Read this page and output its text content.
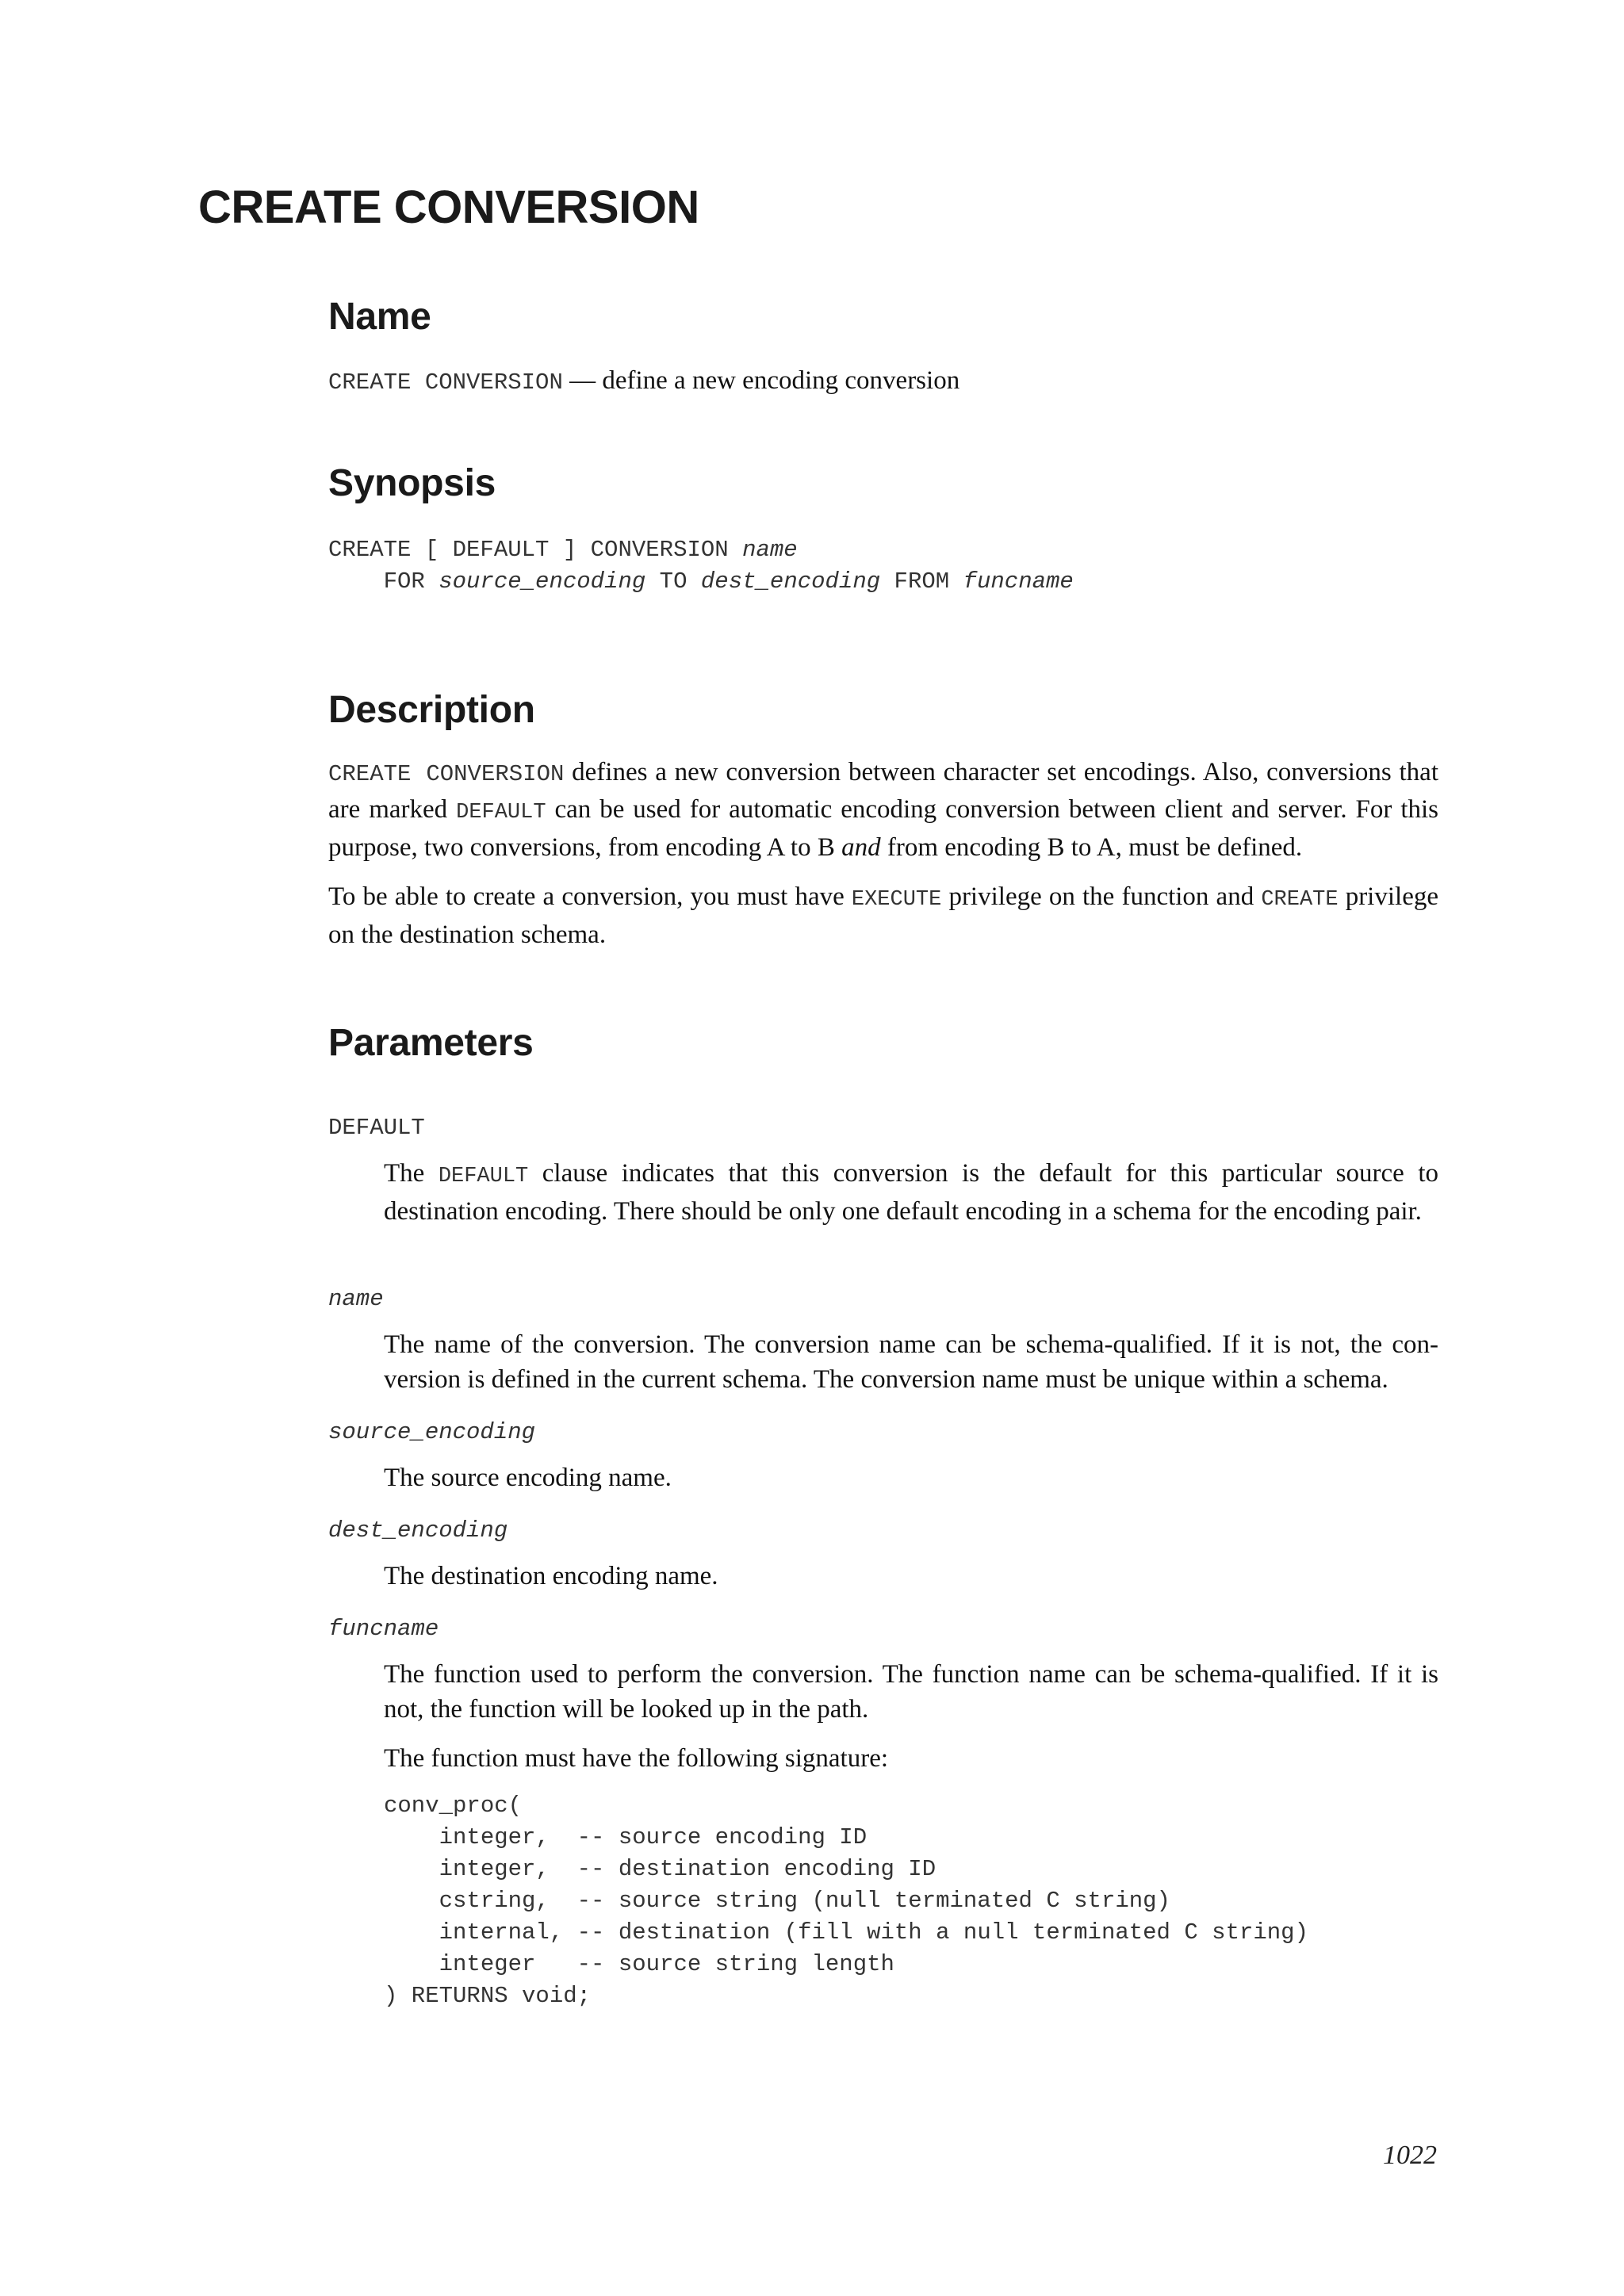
CREATE CONVERSION
Name

CREATE CONVERSION — define a new encoding conversion

Synopsis
CREATE [ DEFAULT ] CONVERSION name
FOR source_encoding TO dest_encoding FROM funcname
Description

CREATE CONVERSION defines a new conversion between character set encodings. Also, conversions that are marked DEFAULT can be used for automatic encoding conversion between client and server. For this purpose, two conversions, from encoding A to B and from encoding B to A, must be defined.

To be able to create a conversion, you must have EXECUTE privilege on the function and CREATE privilege on the destination schema.

Parameters
DEFAULT

The DEFAULT clause indicates that this conversion is the default for this particular source to destination encoding. There should be only one default encoding in a schema for the encoding pair.

name

The name of the conversion. The conversion name can be schema-qualified. If it is not, the con- version is defined in the current schema. The conversion name must be unique within a schema.

source_encoding

The source encoding name.

dest_encoding

The destination encoding name.

funcname

The function used to perform the conversion. The function name can be schema-qualified. If it is not, the function will be looked up in the path.

The function must have the following signature:

conv_proc(
integer,  -- source encoding ID
integer,  -- destination encoding ID
cstring,  -- source string (null terminated C string)
internal, -- destination (fill with a null terminated C string)
integer   -- source string length
) RETURNS void;
1022
